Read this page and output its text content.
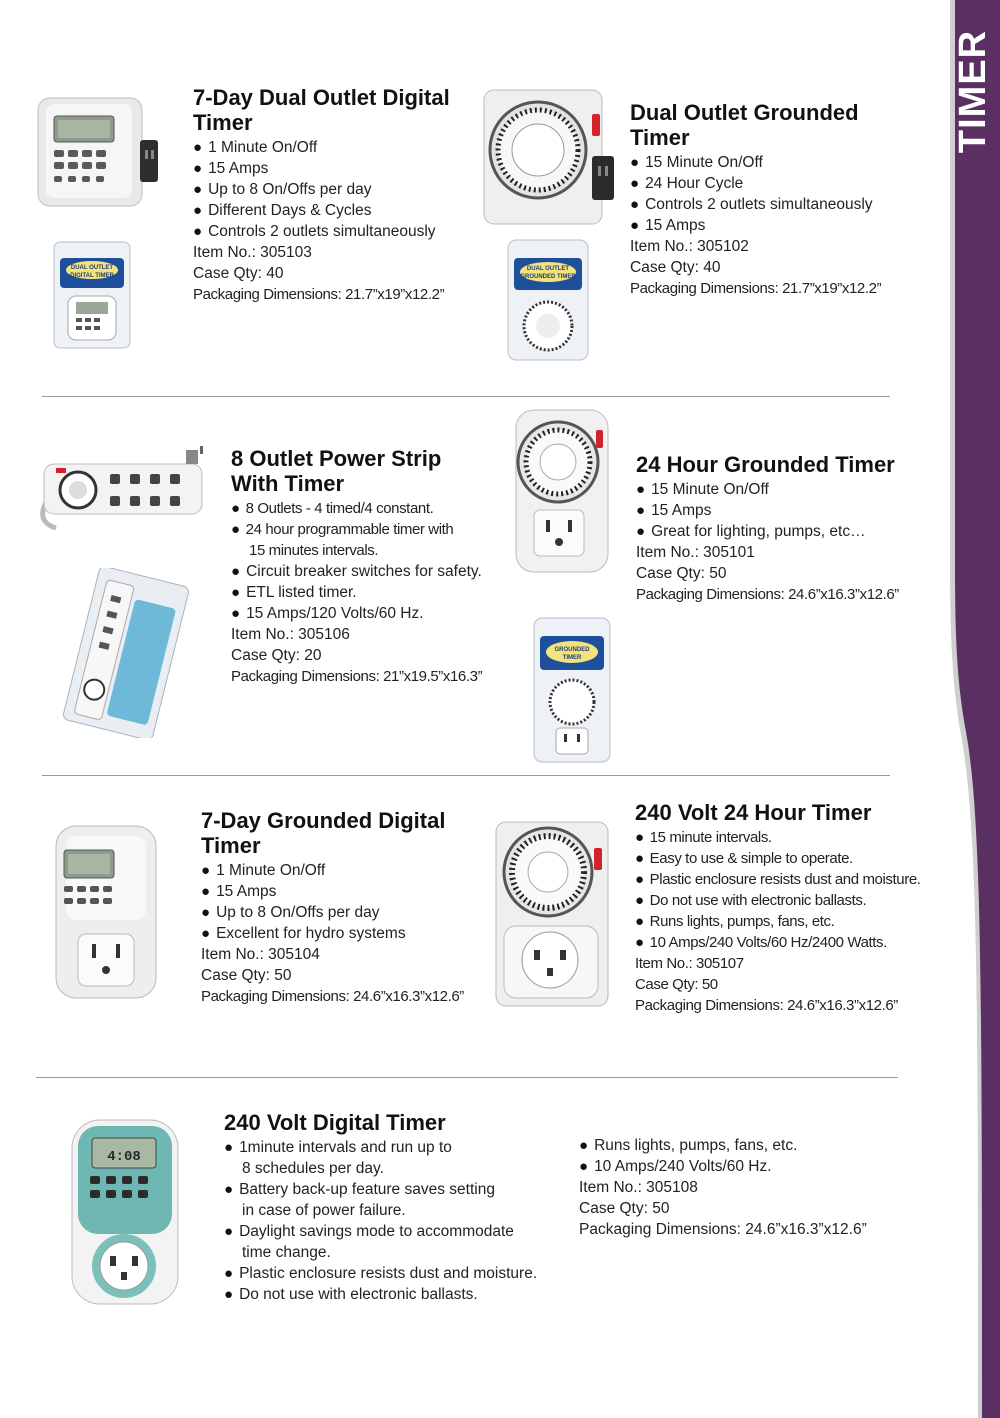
TIMER
DUAL OUTLET
DIGITAL TIMER
7-Day Dual Outlet Digital
Timer
● 1 Minute On/Off
● 15 Amps
● Up to 8 On/Offs per day
● Different Days & Cycles
● Controls 2 outlets simultaneously
Item No.: 305103
Case Qty: 40
Packaging Dimensions: 21.7”x19”x12.2”
DUAL OUTLET
GROUNDED TIMER
Dual Outlet Grounded
Timer
● 15 Minute On/Off
● 24 Hour Cycle
● Controls 2 outlets simultaneously
● 15 Amps
Item No.: 305102
Case Qty: 40
Packaging Dimensions: 21.7”x19”x12.2”
8 Outlet Power Strip
With Timer
● 8 Outlets - 4 timed/4 constant.
● 24 hour programmable timer with
15 minutes intervals.
● Circuit breaker switches for safety.
● ETL listed timer.
● 15 Amps/120 Volts/60 Hz.
Item No.: 305106
Case Qty: 20
Packaging Dimensions: 21”x19.5”x16.3”
GROUNDED
TIMER
24 Hour Grounded Timer
● 15 Minute On/Off
● 15 Amps
● Great for lighting, pumps, etc…
Item No.: 305101
Case Qty: 50
Packaging Dimensions: 24.6”x16.3”x12.6”
7-Day Grounded Digital
Timer
● 1 Minute On/Off
● 15 Amps
● Up to 8 On/Offs per day
● Excellent for hydro systems
Item No.: 305104
Case Qty: 50
Packaging Dimensions: 24.6”x16.3”x12.6”
240 Volt 24 Hour Timer
● 15 minute intervals.
● Easy to use & simple to operate.
● Plastic enclosure resists dust and moisture.
● Do not use with electronic ballasts.
● Runs lights, pumps, fans, etc.
● 10 Amps/240 Volts/60 Hz/2400 Watts.
Item No.: 305107
Case Qty: 50
Packaging Dimensions: 24.6”x16.3”x12.6”
4:08
240 Volt Digital Timer
● 1minute intervals and run up to
8 schedules per day.
● Battery back-up feature saves setting
in case of power failure.
● Daylight savings mode to accommodate
time change.
● Plastic enclosure resists dust and moisture.
● Do not use with electronic ballasts.
● Runs lights, pumps, fans, etc.
● 10 Amps/240 Volts/60 Hz.
Item No.: 305108
Case Qty: 50
Packaging Dimensions: 24.6”x16.3”x12.6”
